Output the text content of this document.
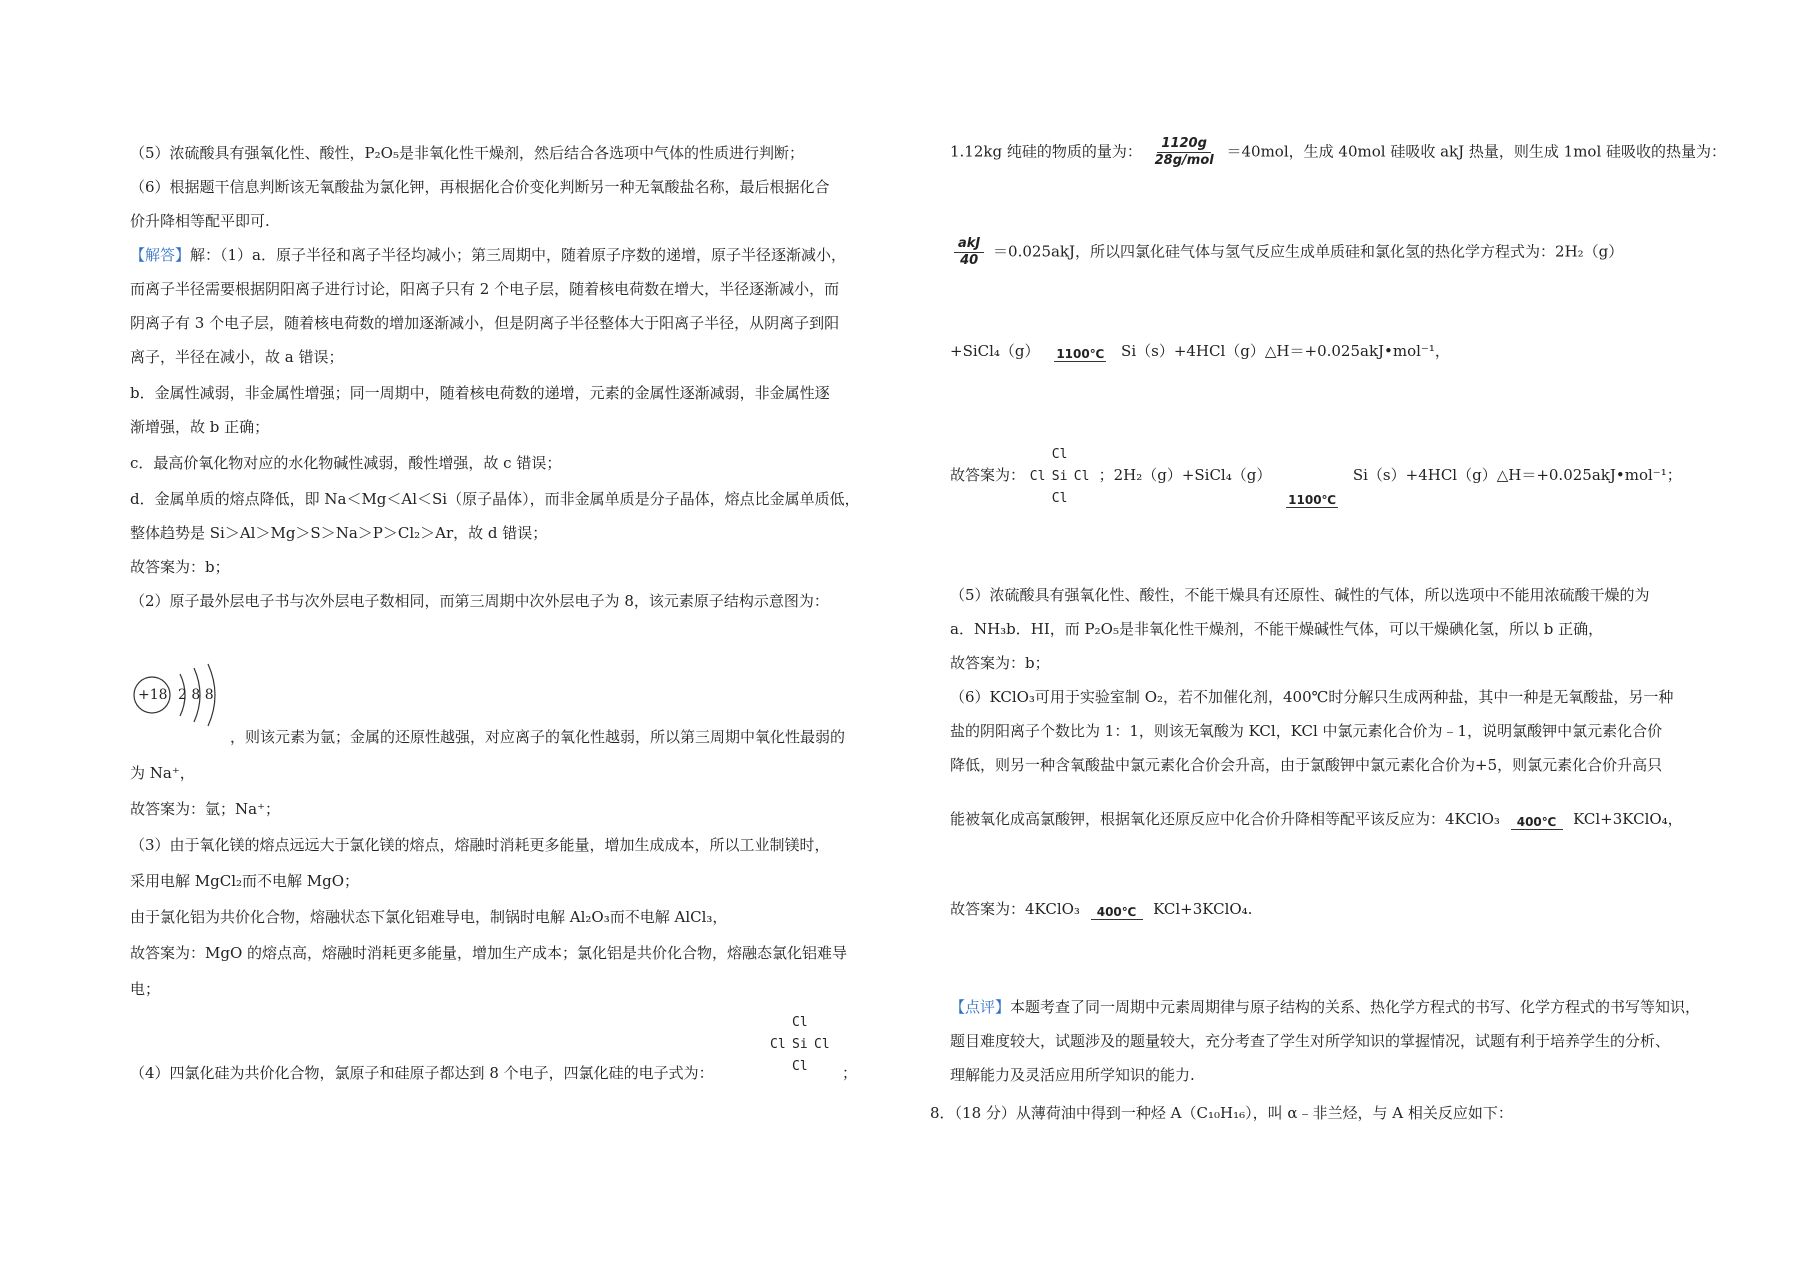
（5）浓硫酸具有强氧化性、酸性，P₂O₅是非氧化性干燥剂，然后结合各选项中气体的性质进行判断；
（6）根据题干信息判断该无氧酸盐为氯化钾，再根据化合价变化判断另一种无氧酸盐名称，最后根据化合
价升降相等配平即可.
【解答】解：（1）a．原子半径和离子半径均减小；第三周期中，随着原子序数的递增，原子半径逐渐减小，
而离子半径需要根据阴阳离子进行讨论，阳离子只有 2 个电子层，随着核电荷数在增大，半径逐渐减小，而
阴离子有 3 个电子层，随着核电荷数的增加逐渐减小，但是阴离子半径整体大于阳离子半径，从阴离子到阳
离子，半径在减小，故 a 错误；
b．金属性减弱，非金属性增强；同一周期中，随着核电荷数的递增，元素的金属性逐渐减弱，非金属性逐
渐增强，故 b 正确；
c．最高价氧化物对应的水化物碱性减弱，酸性增强，故 c 错误；
d．金属单质的熔点降低，即 Na＜Mg＜Al＜Si（原子晶体），而非金属单质是分子晶体，熔点比金属单质低，
整体趋势是 Si＞Al＞Mg＞S＞Na＞P＞Cl₂＞Ar，故 d 错误；
故答案为：b；
（2）原子最外层电子书与次外层电子数相同，而第三周期中次外层电子为 8，该元素原子结构示意图为：
+18 2 8 8
，则该元素为氩；金属的还原性越强，对应离子的氧化性越弱，所以第三周期中氧化性最弱的
为 Na⁺，
故答案为：氩；Na⁺；
（3）由于氧化镁的熔点远远大于氯化镁的熔点，熔融时消耗更多能量，增加生成成本，所以工业制镁时，
采用电解 MgCl₂而不电解 MgO；
由于氯化铝为共价化合物，熔融状态下氯化铝难导电，制锅时电解 Al₂O₃而不电解 AlCl₃，
故答案为：MgO 的熔点高，熔融时消耗更多能量，增加生产成本；氯化铝是共价化合物，熔融态氯化铝难导
电；
（4）四氯化硅为共价化合物，氯原子和硅原子都达到 8 个电子，四氯化硅的电子式为：
Cl
Cl Si Cl
Cl ；
1.12kg 纯硅的物质的量为： $\frac{1120g}{\text{28g/mol}} =40mol$，生成 40mol 硅吸收 akJ 热量，则生成 1mol 硅吸收的热量为：
$\frac{\text{akJ}}{40} =0.025akJ$，所以四氯化硅气体与氢气反应生成单质硅和氯化氢的热化学方程式为：2H₂（g）
+SiCl₄（g）	1100℃	Si（s）+4HCl（g）△H＝+0.025akJ•mol⁻¹，
故答案为：
Cl
Cl Si Cl
Cl
；2H₂（g）+SiCl₄（g）
1100℃
Si（s）+4HCl（g）△H＝+0.025akJ•mol⁻¹；
（5）浓硫酸具有强氧化性、酸性，不能干燥具有还原性、碱性的气体，所以选项中不能用浓硫酸干燥的为
a．NH₃b．HI，而 P₂O₅是非氧化性干燥剂，不能干燥碱性气体，可以干燥碘化氢，所以 b 正确，
故答案为：b；
（6）KClO₃可用于实验室制 O₂，若不加催化剂，400℃时分解只生成两种盐，其中一种是无氧酸盐，另一种
盐的阴阳离子个数比为 1：1，则该无氧酸为 KCl，KCl 中氯元素化合价为﹣1，说明氯酸钾中氯元素化合价
降低，则另一种含氧酸盐中氯元素化合价会升高，由于氯酸钾中氯元素化合价为+5，则氯元素化合价升高只
能被氧化成高氯酸钾，根据氧化还原反应中化合价升降相等配平该反应为：4KClO₃	400℃	KCl+3KClO₄，
故答案为：4KClO₃	400℃	KCl+3KClO₄.
【点评】本题考查了同一周期中元素周期律与原子结构的关系、热化学方程式的书写、化学方程式的书写等知识，
题目难度较大，试题涉及的题量较大，充分考查了学生对所学知识的掌握情况，试题有利于培养学生的分析、
理解能力及灵活应用所学知识的能力.
8．（18 分）从薄荷油中得到一种烃 A（C₁₀H₁₆），叫 α﹣非兰烃，与 A 相关反应如下：
